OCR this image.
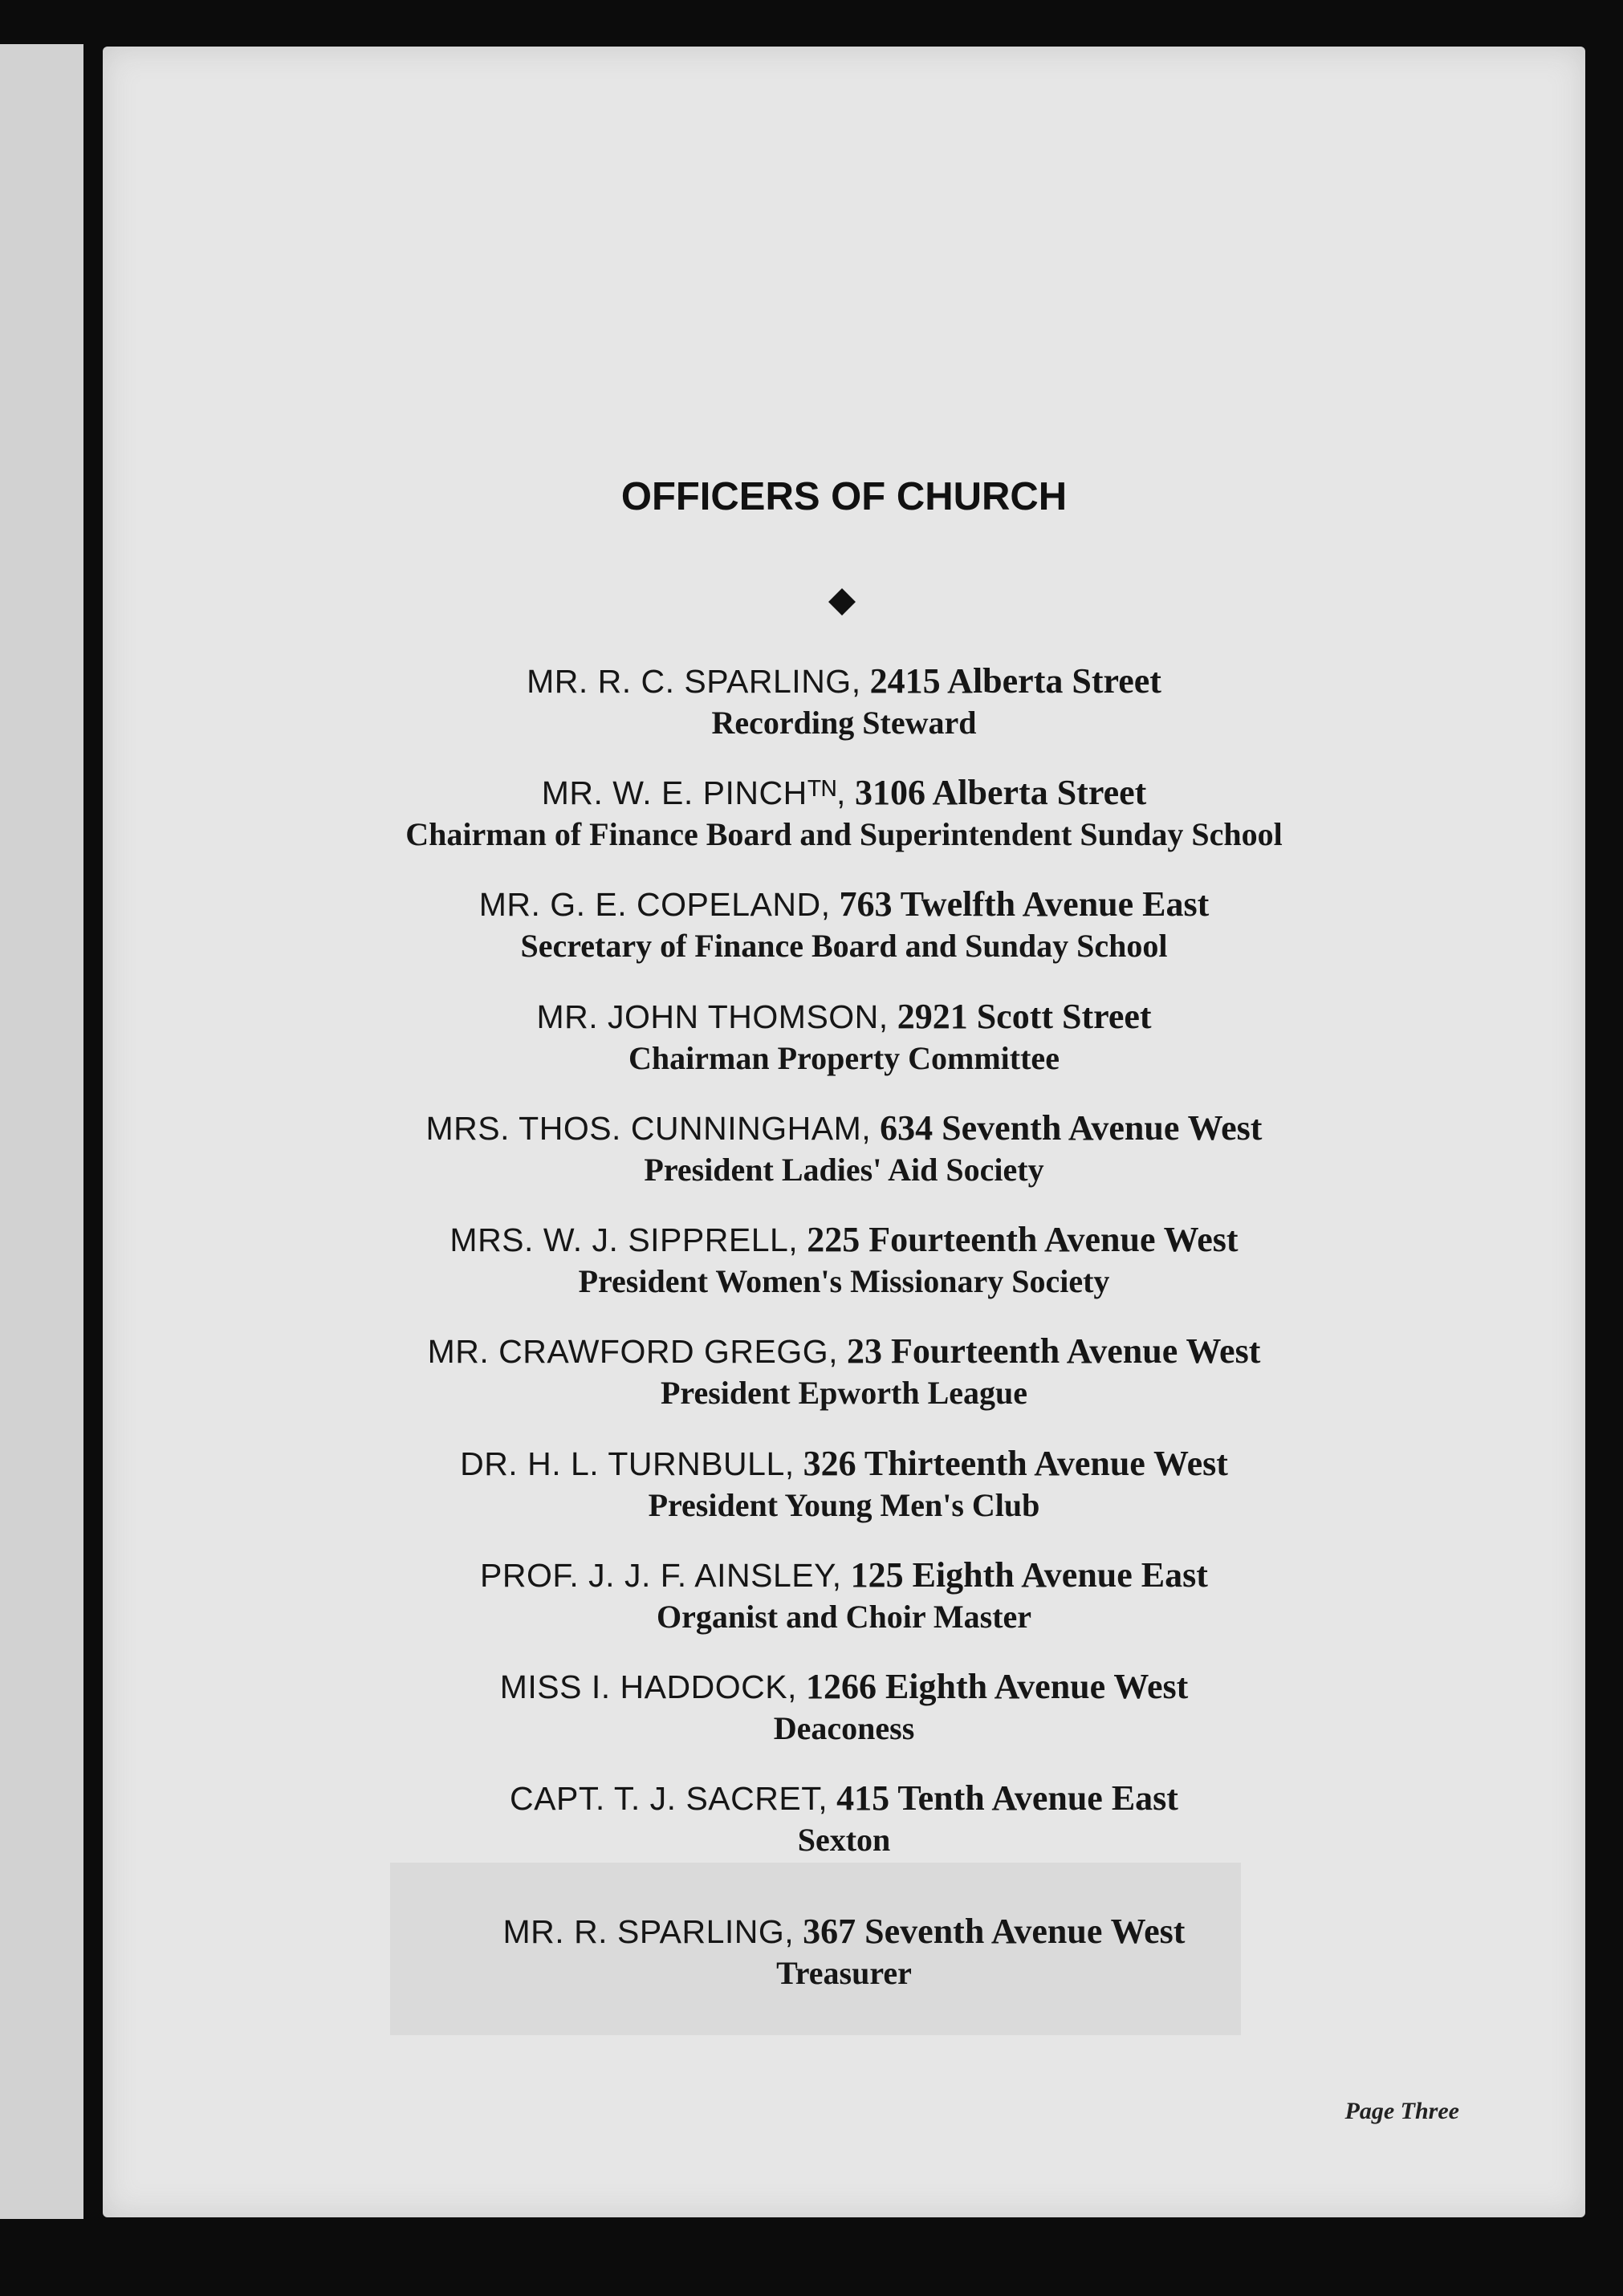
OFFICERS OF CHURCH
MR. R. C. SPARLING, 2415 Alberta Street
Recording Steward
MR. W. E. PINCHᵀᴺ, 3106 Alberta Street
Chairman of Finance Board and Superintendent Sunday School
MR. G. E. COPELAND, 763 Twelfth Avenue East
Secretary of Finance Board and Sunday School
MR. JOHN THOMSON, 2921 Scott Street
Chairman Property Committee
MRS. THOS. CUNNINGHAM, 634 Seventh Avenue West
President Ladies' Aid Society
MRS. W. J. SIPPRELL, 225 Fourteenth Avenue West
President Women's Missionary Society
MR. CRAWFORD GREGG, 23 Fourteenth Avenue West
President Epworth League
DR. H. L. TURNBULL, 326 Thirteenth Avenue West
President Young Men's Club
PROF. J. J. F. AINSLEY, 125 Eighth Avenue East
Organist and Choir Master
MISS I. HADDOCK, 1266 Eighth Avenue West
Deaconess
CAPT. T. J. SACRET, 415 Tenth Avenue East
Sexton
MR. R. SPARLING, 367 Seventh Avenue West
Treasurer
Page Three
